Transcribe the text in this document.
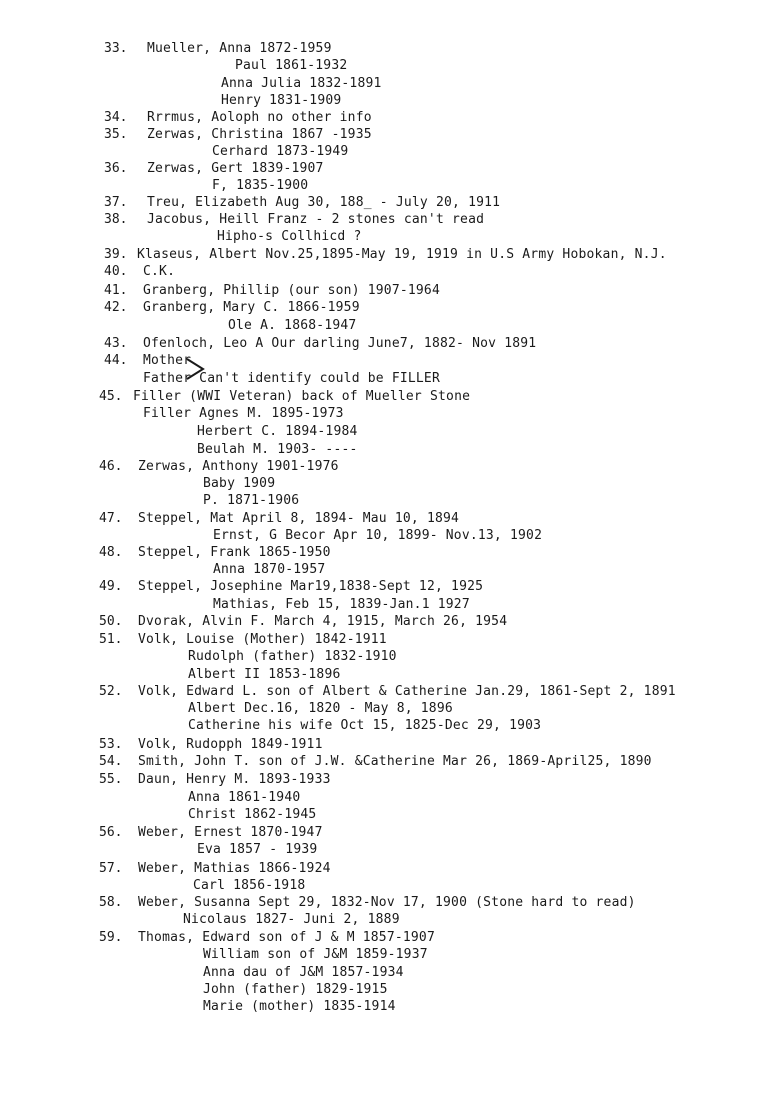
33. Mueller, Anna 1872-1959
Paul 1861-1932
Anna Julia 1832-1891
Henry 1831-1909
34. Rrrmus, Aoloph no other info
35. Zerwas, Christina 1867 -1935
Cerhard 1873-1949
36. Zerwas, Gert 1839-1907
F, 1835-1900
37. Treu, Elizabeth Aug 30, 188_ - July 20, 1911
38. Jacobus, Heill Franz - 2 stones can't read
Hipho-s Collhicd ?
39. Klaseus, Albert Nov.25,1895-May 19, 1919 in U.S Army Hobokan, N.J.
40. C.K.
41. Granberg, Phillip (our son) 1907-1964
42. Granberg, Mary C. 1866-1959
Ole A. 1868-1947
43. Ofenloch, Leo A Our darling June7, 1882- Nov 1891
44. Mother
Father Can't identify could be FILLER
45. Filler (WWI Veteran) back of Mueller Stone
Filler Agnes M. 1895-1973
Herbert C. 1894-1984
Beulah M. 1903- ----
46. Zerwas, Anthony 1901-1976
Baby 1909
P. 1871-1906
47. Steppel, Mat April 8, 1894- Mau 10, 1894
Ernst, G Becor Apr 10, 1899- Nov.13, 1902
48. Steppel, Frank 1865-1950
Anna 1870-1957
49. Steppel, Josephine Mar19,1838-Sept 12, 1925
Mathias, Feb 15, 1839-Jan.1 1927
50. Dvorak, Alvin F. March 4, 1915, March 26, 1954
51. Volk, Louise (Mother) 1842-1911
Rudolph (father) 1832-1910
Albert II 1853-1896
52. Volk, Edward L. son of Albert & Catherine Jan.29, 1861-Sept 2, 1891
Albert Dec.16, 1820 - May 8, 1896
Catherine his wife Oct 15, 1825-Dec 29, 1903
53. Volk, Rudopph 1849-1911
54. Smith, John T. son of J.W. &Catherine Mar 26, 1869-April25, 1890
55. Daun, Henry M. 1893-1933
Anna 1861-1940
Christ 1862-1945
56. Weber, Ernest 1870-1947
Eva 1857 - 1939
57. Weber, Mathias 1866-1924
Carl 1856-1918
58. Weber, Susanna Sept 29, 1832-Nov 17, 1900 (Stone hard to read)
Nicolaus 1827- Juni 2, 1889
59. Thomas, Edward son of J & M 1857-1907
William son of J&M 1859-1937
Anna dau of J&M 1857-1934
John (father) 1829-1915
Marie (mother) 1835-1914
